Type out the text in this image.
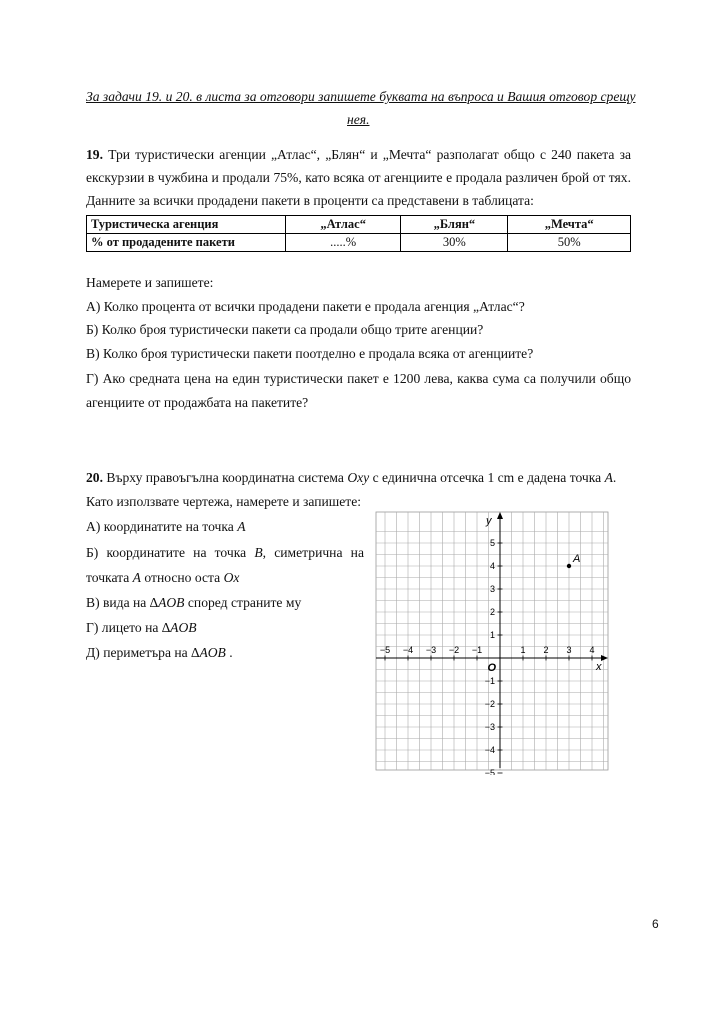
За задачи 19. и 20. в листа за отговори запишете буквата на въпроса и Вашия отговор срещу
нея.
19. Три туристически агенции „Атлас“, „Блян“ и „Мечта“ разполагат общо с 240 пакета за
екскурзии в чужбина и продали 75%, като всяка от агенциите е продала различен брой от тях.
Данните за всички продадени пакети в проценти са представени в таблицата:
Туристическа агенция	„Атлас“	„Блян“	„Мечта“
% от продадените пакети	.....%	30%	50%
Намерете и запишете:
А) Колко процента от всички продадени пакети е продала агенция „Атлас“?
Б) Колко броя туристически пакети са продали общо трите агенции?
В) Колко броя туристически пакети поотделно е продала всяка от агенциите?
Г) Ако средната цена на един туристически пакет е 1200 лева, каква сума са получили общо
агенциите от продажбата на пакетите?
20. Върху правоъгълна координатна система Oxy с единична отсечка 1 cm е дадена точка A.
Като използвате чертежа, намерете и запишете:
А) координатите на точка A
Б) координатите на точка B, симетрична на
точката A относно оста Ox
В) вида на ∆AOB според страните му
Г) лицето на ∆AOB
Д) периметъра на ∆AOB .	−5 −4 −3 −2 −1	1 2 3 4
−5
−4
−3
−2
−1
1
2
3
4
5
x
y
O
A
6
